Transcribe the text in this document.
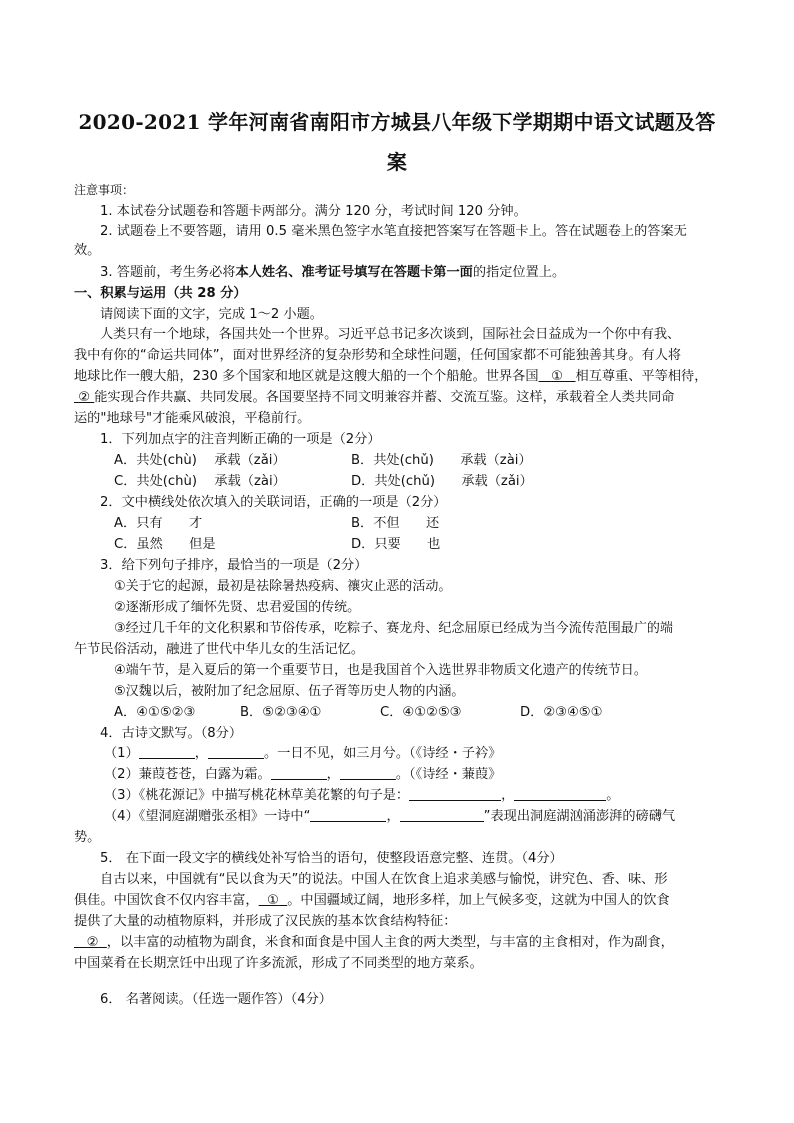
2020-2021 学年河南省南阳市方城县八年级下学期期中语文试题及答
案
注意事项：
1. 本试卷分试题卷和答题卡两部分。满分 120 分，考试时间 120 分钟。
2. 试题卷上不要答题，请用 0.5 毫米黑色签字水笔直接把答案写在答题卡上。答在试题卷上的答案无
效。
3. 答题前，考生务必将本人姓名、准考证号填写在答题卡第一面的指定位置上。
一、积累与运用（共 28 分）
请阅读下面的文字，完成 1～2 小题。
人类只有一个地球，各国共处一个世界。习近平总书记多次谈到，国际社会日益成为一个你中有我、
我中有你的“命运共同体”，面对世界经济的复杂形势和全球性问题，任何国家都不可能独善其身。有人将
地球比作一艘大船，230 多个国家和地区就是这艘大船的一个个船舱。世界各国 ① 相互尊重、平等相待，
② 能实现合作共赢、共同发展。各国要坚持不同文明兼容并蓄、交流互鉴。这样，承载着全人类共同命
运的"地球号"才能乘风破浪，平稳前行。
1．下列加点字的注音判断正确的一项是（2分）
A．共处(chù)　 承载（zǎi）	B．共处(chǔ)　　承载（zài）
C．共处(chù)　 承载（zài）	D．共处(chǔ)　　承载（zǎi）
2．文中横线处依次填入的关联词语，正确的一项是（2分）
A．只有　　才	B．不但　　还
C．虽然　　但是	D．只要　　也
3．给下列句子排序，最恰当的一项是（2分）
①关于它的起源，最初是祛除暑热疫病、禳灾止恶的活动。
②逐渐形成了缅怀先贤、忠君爱国的传统。
③经过几千年的文化积累和节俗传承，吃粽子、赛龙舟、纪念屈原已经成为当今流传范围最广的端
午节民俗活动，融进了世代中华儿女的生活记忆。
④端午节，是入夏后的第一个重要节日，也是我国首个入选世界非物质文化遗产的传统节日。
⑤汉魏以后，被附加了纪念屈原、伍子胥等历史人物的内涵。
A．④①⑤②③	B．⑤②③④①	C．④①②⑤③	D．②③④⑤①
4．古诗文默写。（8分）
（1）	，	。一日不见，如三月兮。（《诗经・子衿》
（2）蒹葭苍苍，白露为霜。	，	。（《诗经・蒹葭》
（3）《桃花源记》中描写桃花林草美花繁的句子是：	，	。
（4）《望洞庭湖赠张丞相》一诗中“	，	”表现出洞庭湖汹涌澎湃的磅礴气
势。
5． 在下面一段文字的横线处补写恰当的语句，使整段语意完整、连贯。（4分）
自古以来，中国就有“民以食为天”的说法。中国人在饮食上追求美感与愉悦，讲究色、香、味、形
俱佳。中国饮食不仅内容丰富， ① 。中国疆域辽阔，地形多样，加上气候多变，这就为中国人的饮食
提供了大量的动植物原料，并形成了汉民族的基本饮食结构特征：
② ，以丰富的动植物为副食，米食和面食是中国人主食的两大类型，与丰富的主食相对，作为副食，
中国菜肴在长期烹饪中出现了许多流派，形成了不同类型的地方菜系。
6． 名著阅读。（任选一题作答）（4分）
